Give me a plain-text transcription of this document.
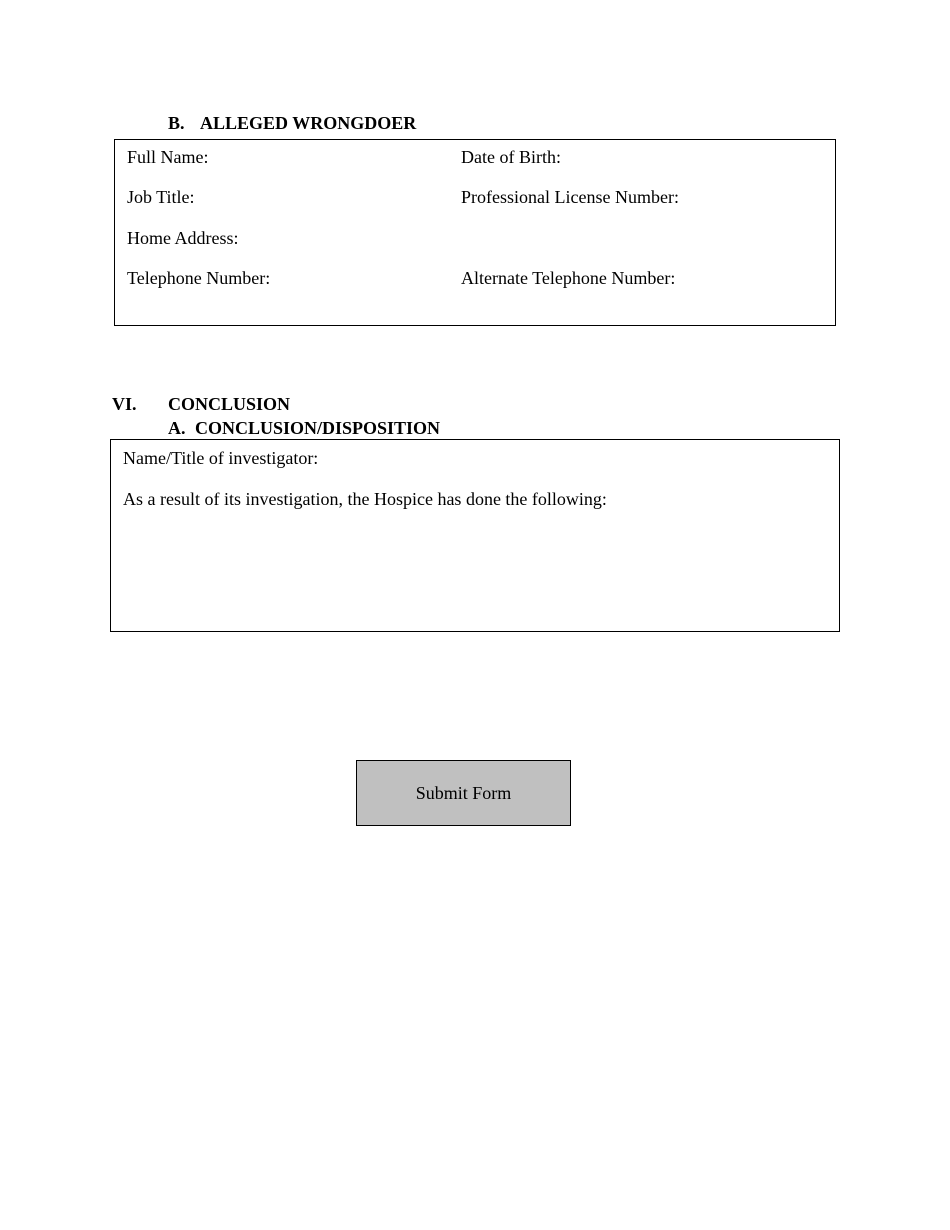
B. ALLEGED WRONGDOER
Full Name:	Date of Birth:
Job Title:	Professional License Number:
Home Address:
Telephone Number:	Alternate Telephone Number:
VI. CONCLUSION
A. CONCLUSION/DISPOSITION
Name/Title of investigator:
As a result of its investigation, the Hospice has done the following:
Submit Form
